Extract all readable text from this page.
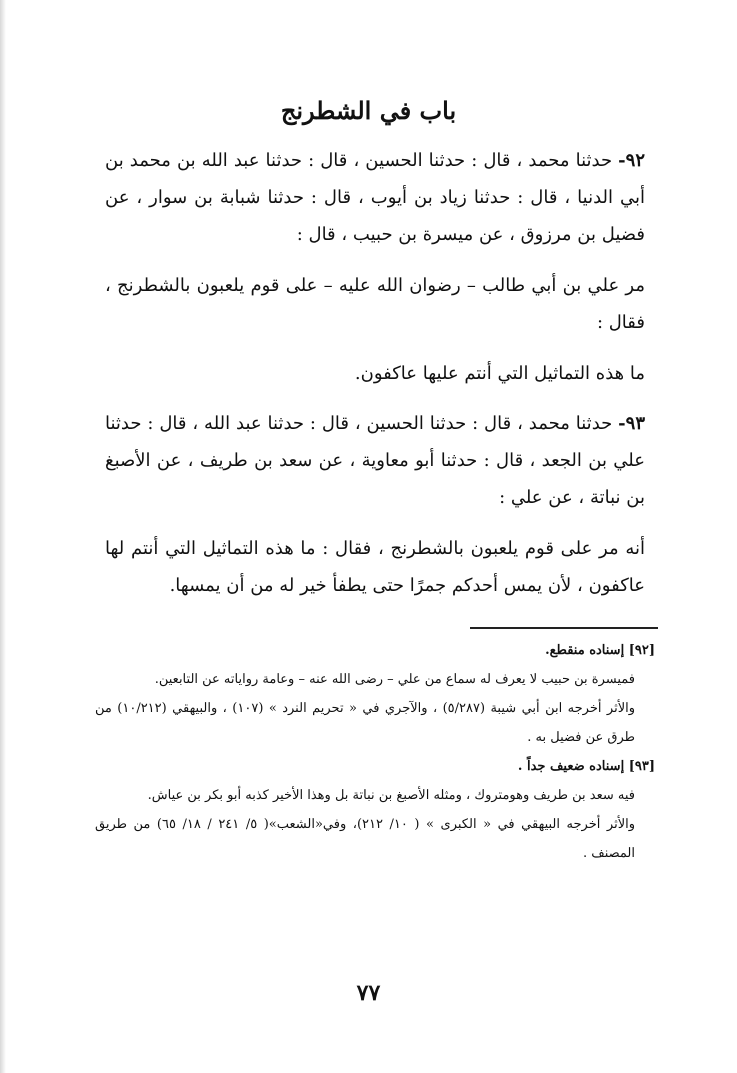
باب في الشطرنج

٩٢- حدثنا محمد ، قال : حدثنا الحسين ، قال : حدثنا عبد الله بن محمد بن أبي الدنيا ، قال : حدثنا زياد بن أيوب ، قال : حدثنا شبابة بن سوار ، عن فضيل بن مرزوق ، عن ميسرة بن حبيب ، قال :

مر علي بن أبي طالب – رضوان الله عليه – على قوم يلعبون بالشطرنج ، فقال :

ما هذه التماثيل التي أنتم عليها عاكفون.

٩٣- حدثنا محمد ، قال : حدثنا الحسين ، قال : حدثنا عبد الله ، قال : حدثنا علي بن الجعد ، قال : حدثنا أبو معاوية ، عن سعد بن طريف ، عن الأصبغ بن نباتة ، عن علي :

أنه مر على قوم يلعبون بالشطرنج ، فقال : ما هذه التماثيل التي أنتم لها عاكفون ، لأن يمس أحدكم جمرًا حتى يطفأ خير له من أن يمسها.

[٩٢] إسناده منقطع.

فميسرة بن حبيب لا يعرف له سماع من علي – رضى الله عنه – وعامة رواياته عن التابعين.

والأثر أخرجه ابن أبي شيبة (٥/٢٨٧) ، والآجري في « تحريم النرد » (١٠٧) ، والبيهقي (١٠/٢١٢) من طرق عن فضيل به .

[٩٣] إسناده ضعيف جداً .

فيه سعد بن طريف وهومتروك ، ومثله الأصبغ بن نباتة بل وهذا الأخير كذبه أبو بكر بن عياش.

والأثر أخرجه البيهقي في « الكبرى » ( ١٠/ ٢١٢)، وفي«الشعب»( ٥/ ٢٤١ / ١٨/ ٦٥) من طريق المصنف .

٧٧
